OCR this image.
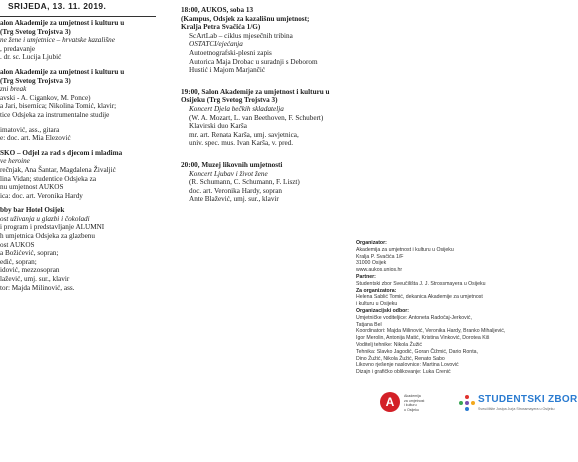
SRIJEDA, 13. 11. 2019.
alon Akademije za umjetnost i kulturu u
(Trg Svetog Trojstva 3)
ne žene i umjetnice – hrvatske kazališne
, predavanje
. dr. sc. Lucija Ljubić
alon Akademije za umjetnost i kulturu u
(Trg Svetog Trojstva 3)
zni break
avski - A. Cigankov, M. Ponce)
a Jari, biserníca; Nikolina Tomić, klavir;
tice Odsjeka za instrumentalne studije
imatović, ass., gitara
e: doc. art. Mia Elezović
SKO – Odjel za rad s djecom i mladima
ve heroine
rečnjak, Ana Šantar, Magdalena Živaljić
lina Vidan; studentice Odsjeka za
nu umjetnost AUKOS
ica: doc. art. Veronika Hardy
bby bar Hotel Osijek
ost uživanja u glazbi i čokoladi
i program i predstavljanje ALUMNI
h umjetnica Odsjeka za glazbenu
ost AUKOS
a Božićević, sopran;
edić, sopran;
idović, mezzosopran
lažević, umj. sur., klavir
tor: Majda Milinović, ass.
18:00, AUKOS, soba 13
(Kampus, Odsjek za kazališnu umjetnost;
Kralja Petra Svačića 1/G)
ScArtLab – ciklus mjesečnih tribina
OSTATCI/ejećanja
Autoetnografski-plesni zapis
Autorica Maja Drobac u suradnji s Deborom
Hustić i Majom Marjančić
19:00, Salon Akademije za umjetnost i kulturu u
Osijeku (Trg Svetog Trojstva 3)
Koncert Djela bečkih skladatelja
(W. A. Mozart, L. van Beethoven, F. Schubert)
Klavirski duo Karša
mr. art. Renata Karša, umj. savjetnica,
univ. spec. mus. Ivan Karša, v. pred.
20:00, Muzej likovnih umjetnosti
Koncert Ljubav i život žene
(R. Schumann, C. Schumann, F. Liszt)
doc. art. Veronika Hardy, sopran
Ante Blažević, umj. sur., klavir
Organizator:
Akademija za umjetnost i kulturu u Osijeku
Kralja P. Svačića 1/F
31000 Osijek
www.aukos.unios.hr
Partner:
Studentski zbor Sveučilišta J. J. Strossmayera u Osijeku
Za organizatora:
Helena Sablić Tomić, dekanica Akademije za umjetnost
i kulturu u Osijeku
Organizacijski odbor:
Umjetničke voditeljice: Antoneta Radočaj-Jerković,
Tatjana Bel
Koordinatori: Majda Milinović, Veronika Hardy, Branko Mihaljević,
Igor Merolin, Antonija Matić, Kristina Vinković, Dorotea Kiš
Voditelj tehnike: Nikola Žužić
Tehnika: Slavko Jagodić, Goran Čižmić, Dario Ronta,
Dino Žužić, Nikola Žužić, Renato Sabo
Likovno rješenje naslovnice: Martina Lovović
Dizajn i grafičko oblikovanje: Luka Crenić
A	Akademija
za umjetnost
i kulturu
u Osijeku
STUDENTSKI ZBOR
Sveučilište Josipa Jurja Strossmayera u Osijeku
